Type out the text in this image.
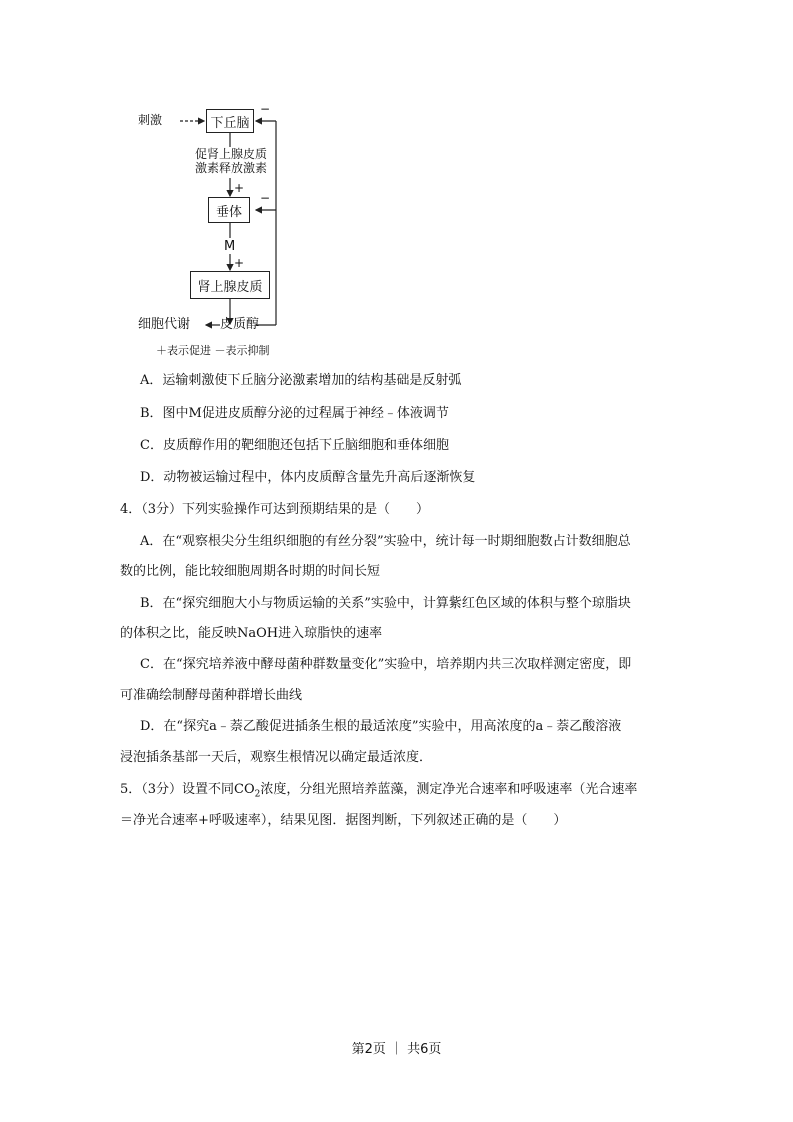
刺激	下丘脑
−
促肾上腺皮质
激素释放激素
+
垂体
−
M
+
肾上腺皮质
细胞代谢 皮质醇
＋表示促进 －表示抑制
A．运输刺激使下丘脑分泌激素增加的结构基础是反射弧
B．图中M促进皮质醇分泌的过程属于神经﹣体液调节
C．皮质醇作用的靶细胞还包括下丘脑细胞和垂体细胞
D．动物被运输过程中，体内皮质醇含量先升高后逐渐恢复
4．（3分）下列实验操作可达到预期结果的是（　　）
A．在“观察根尖分生组织细胞的有丝分裂”实验中，统计每一时期细胞数占计数细胞总
数的比例，能比较细胞周期各时期的时间长短
B．在“探究细胞大小与物质运输的关系”实验中，计算紫红色区域的体积与整个琼脂块
的体积之比，能反映NaOH进入琼脂快的速率
C．在“探究培养液中酵母菌种群数量变化”实验中，培养期内共三次取样测定密度，即
可准确绘制酵母菌种群增长曲线
D．在“探究a﹣萘乙酸促进插条生根的最适浓度”实验中，用高浓度的a﹣萘乙酸溶液
浸泡插条基部一天后，观察生根情况以确定最适浓度．
5．（3分）设置不同$CO_2$浓度，分组光照培养蓝藻，测定净光合速率和呼吸速率（光合速率
＝净光合速率+呼吸速率），结果见图．据图判断，下列叙述正确的是（　　）
第2页 ｜ 共6页
